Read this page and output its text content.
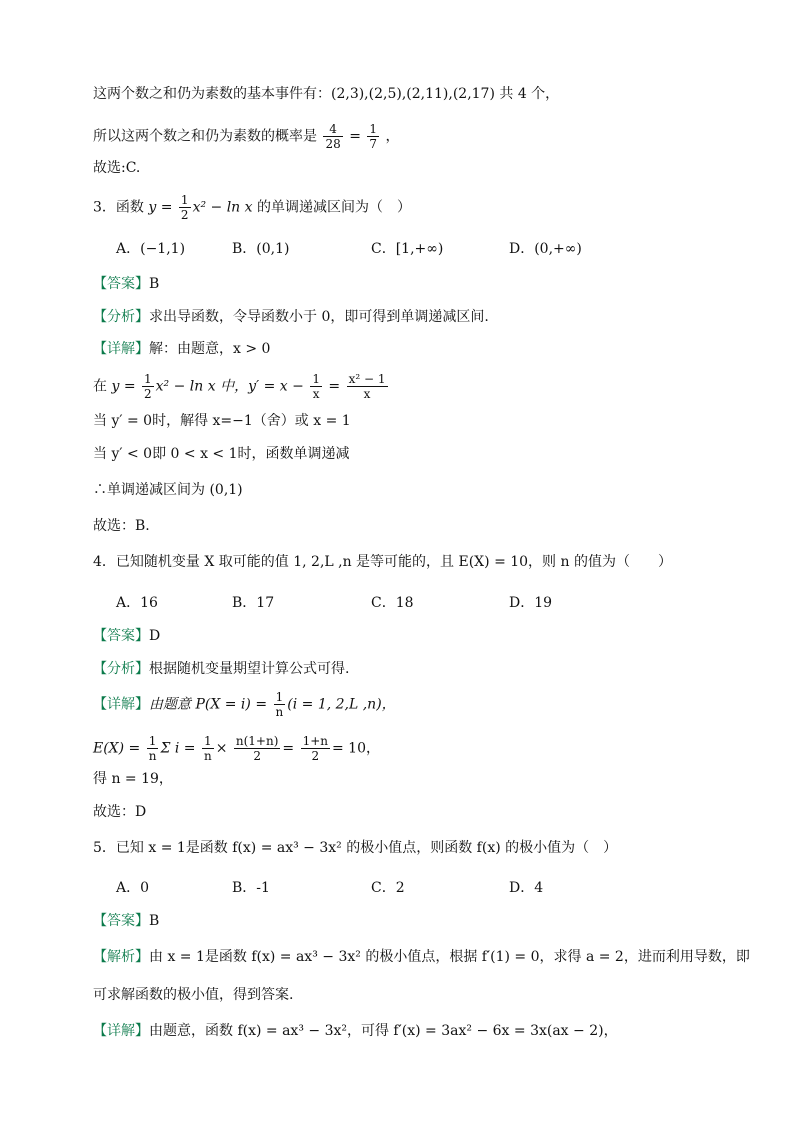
这两个数之和仍为素数的基本事件有：(2,3),(2,5),(2,11),(2,17) 共 4 个，
所以这两个数之和仍为素数的概率是 $\frac{4}{28} = \frac{1}{7}$ ，
故选:C.
3．函数 $y = \frac{1}{2} x^2 - \ln x$ 的单调递减区间为（　）
A．(−1,1)	B．(0,1)	C．[1,+∞)	D．(0,+∞)
【答案】B
【分析】求出导函数，令导函数小于 0，即可得到单调递减区间.
【详解】解：由题意，x > 0
在 $y = \frac{1}{2} x^2 - \ln x$ 中，$y' = x - \frac{1}{x} = \frac{\text{x² − 1}}{x}$
当 y′ = 0时，解得 x=−1（舍）或 x = 1
当 y′ < 0即 0 < x < 1时，函数单调递减
∴单调递减区间为 (0,1)
故选：B.
4．已知随机变量 X 取可能的值 1, 2,L ,n 是等可能的，且 E(X) = 10，则 n 的值为（　　）
A．16	B．17	C．18	D．19
【答案】D
【分析】根据随机变量期望计算公式可得.
【详解】由题意 $P(X = i) = \frac{1}{n} (i = 1$, 2,L ,n)，
$E(X) = \frac{1}{n}$ Σ $i = \frac{1}{n} \times \frac{n(1+n)}{2} = \frac{1+n}{2} = 10$，
得 n = 19，
故选：D
5．已知 x = 1是函数 f(x) = ax³ − 3x² 的极小值点，则函数 f(x) 的极小值为（　）
A．0	B．-1	C．2	D．4
【答案】B
【解析】由 x = 1是函数 f(x) = ax³ − 3x² 的极小值点，根据 f′(1) = 0，求得 a = 2，进而利用导数，即
可求解函数的极小值，得到答案.
【详解】由题意，函数 f(x) = ax³ − 3x²，可得 f′(x) = 3ax² − 6x = 3x(ax − 2)，
